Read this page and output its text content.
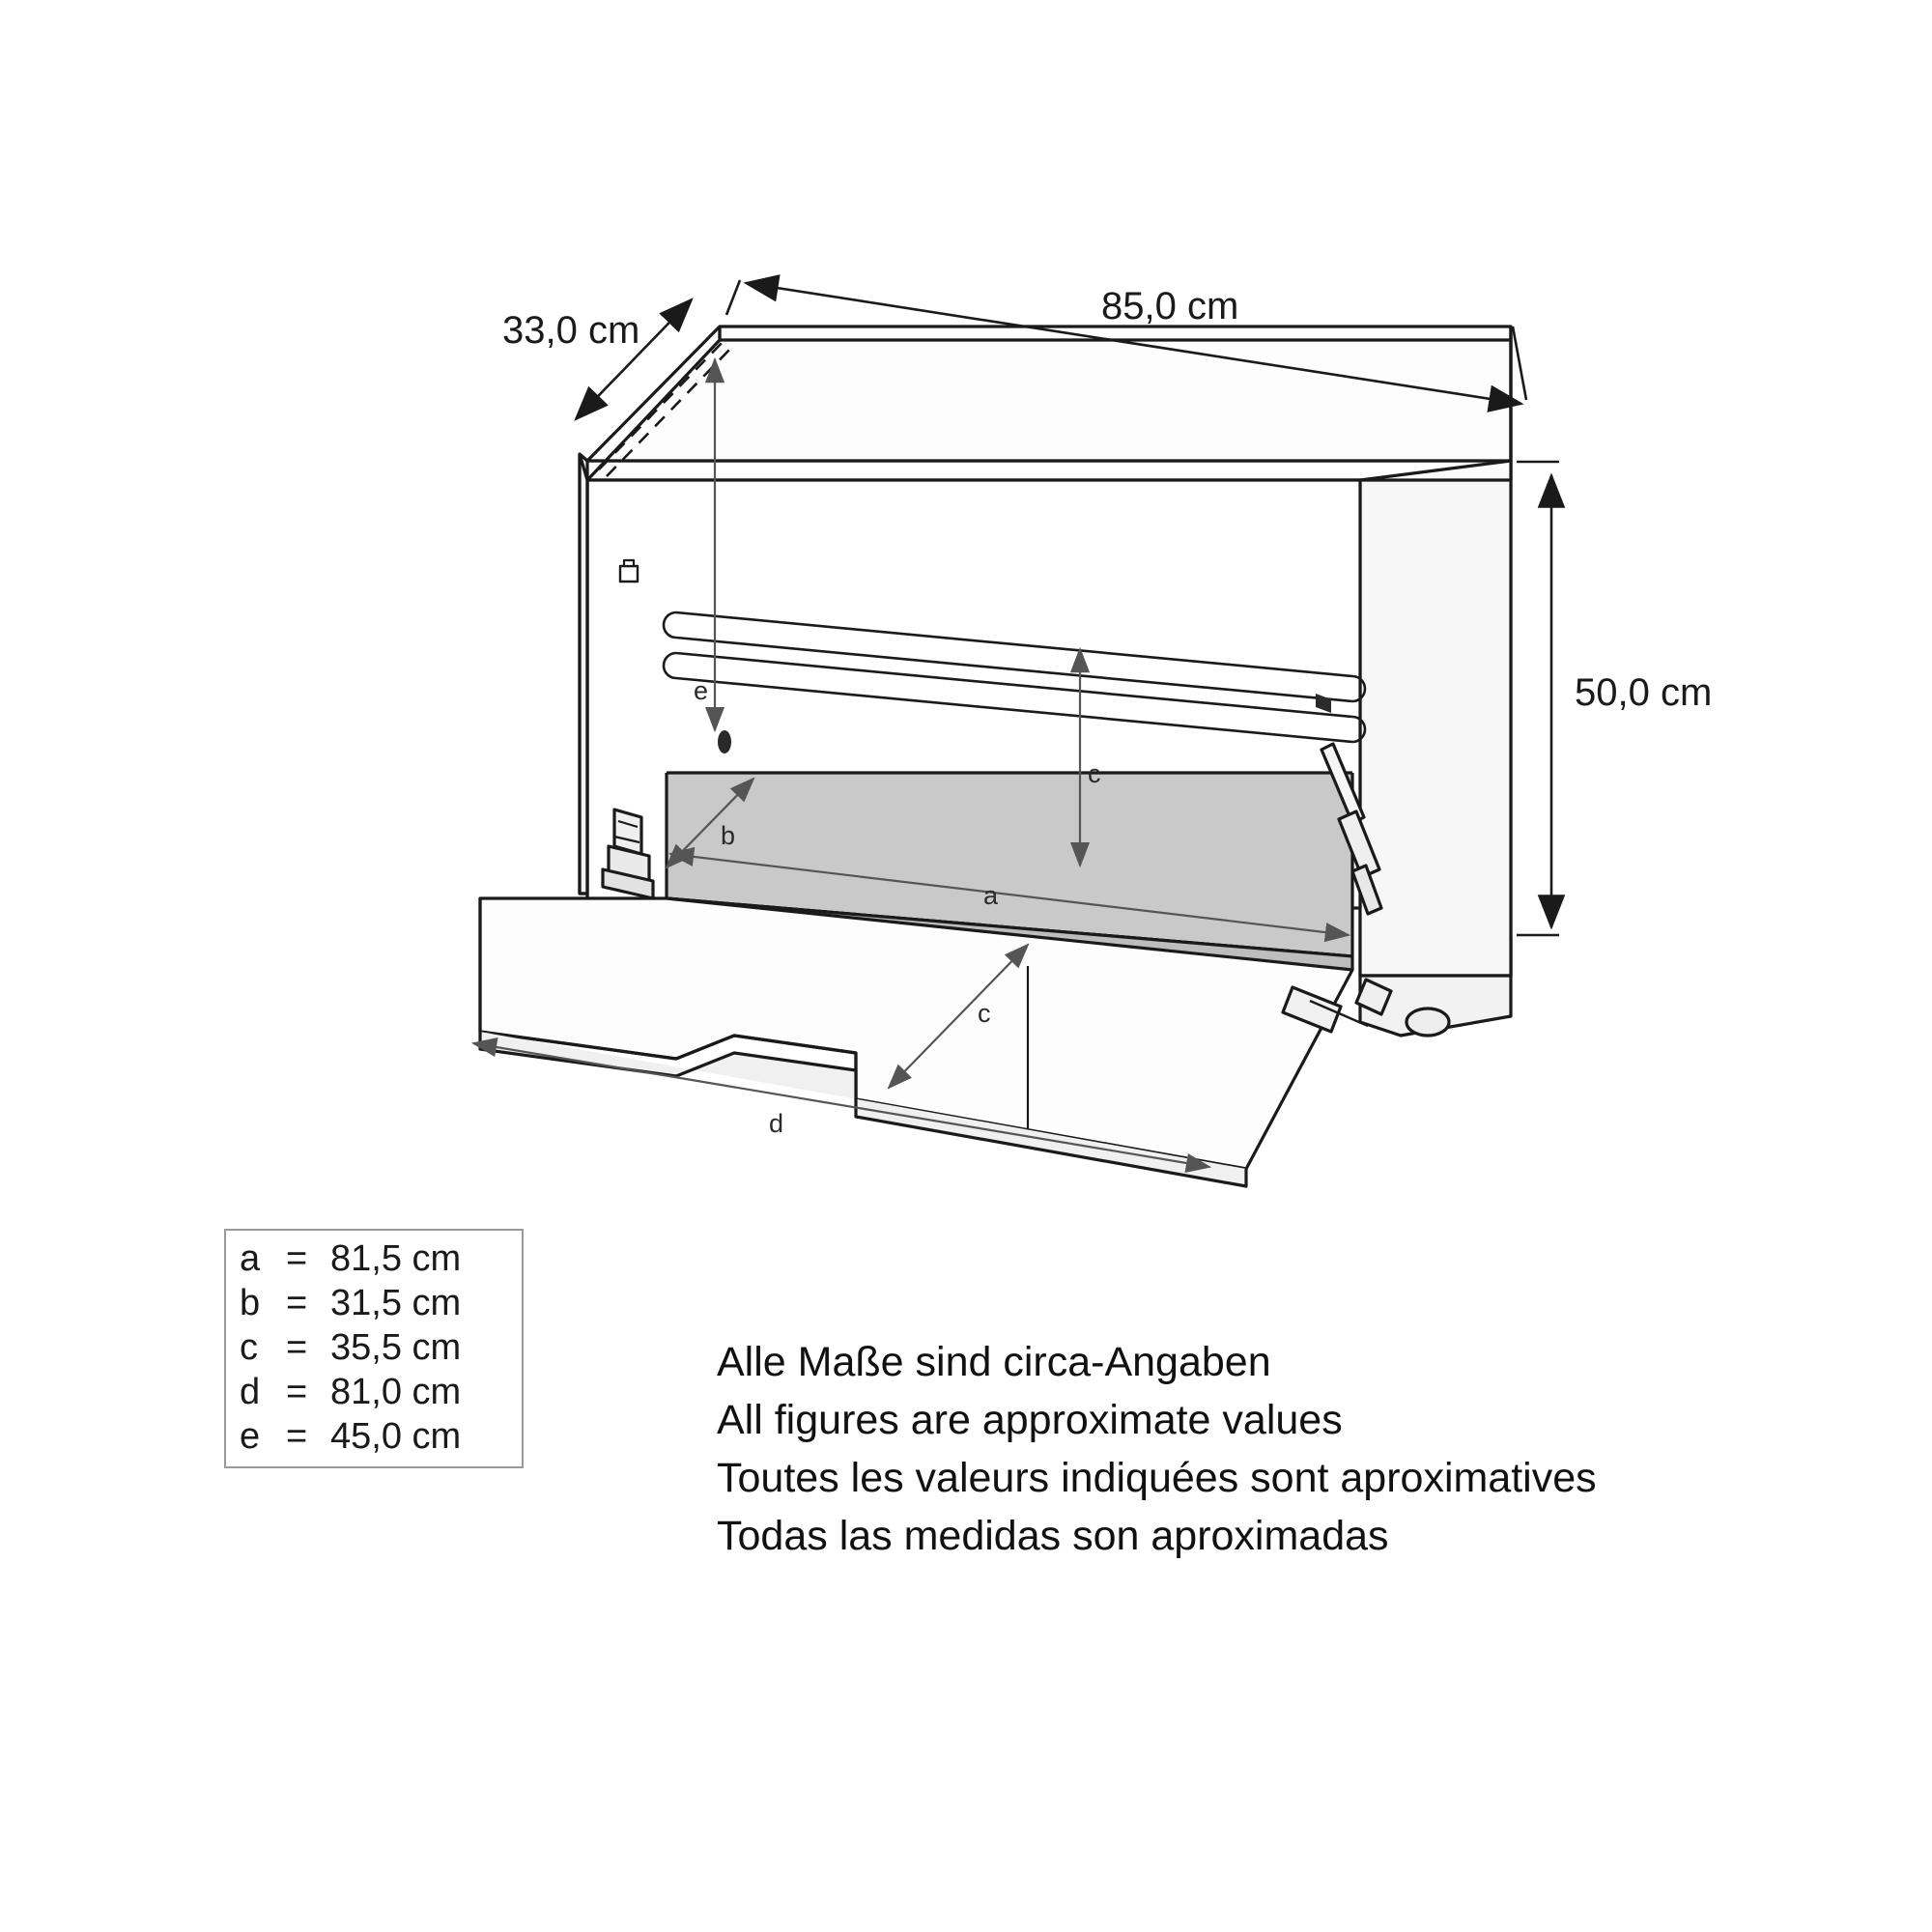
85,0 cm
33,0 cm
50,0 cm
e
c
b
a
c
d
a = 81,5 cm
b = 31,5 cm
c = 35,5 cm
d = 81,0 cm
e = 45,0 cm
Alle Maße sind circa-Angaben
All figures are approximate values
Toutes les valeurs indiquées sont aproximatives
Todas las medidas son aproximadas
